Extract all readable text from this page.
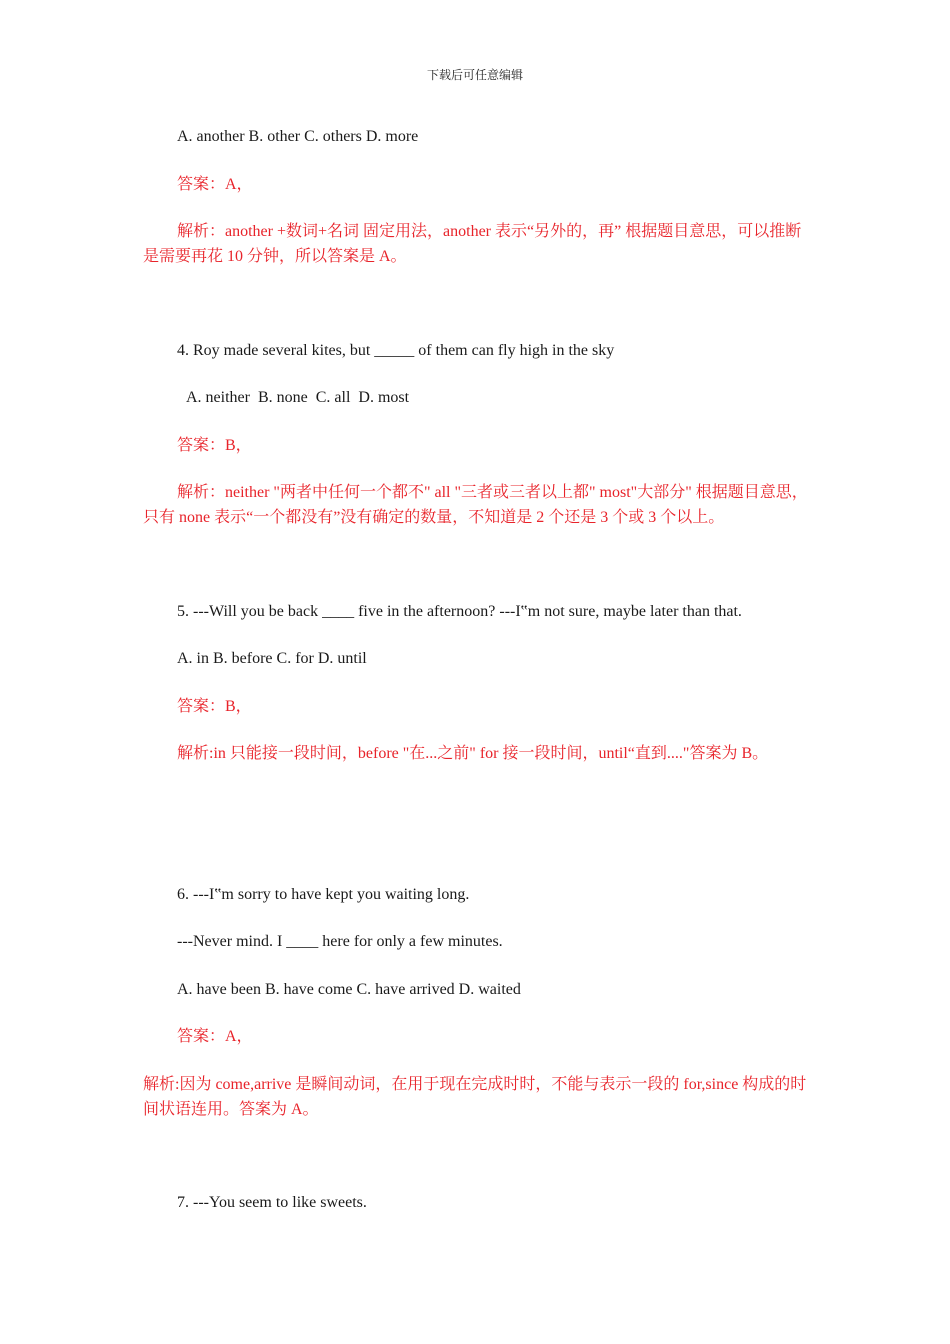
下载后可任意编辑
A. another B. other C. others D. more
答案：A，
解析：another +数词+名词 固定用法，another 表示“另外的，再” 根据题目意思，可以推断是需要再花 10 分钟，所以答案是 A。
4. Roy made several kites, but _____ of them can fly high in the sky
A. neither  B. none  C. all  D. most
答案：B，
解析：neither "两者中任何一个都不" all "三者或三者以上都" most"大部分" 根据题目意思，只有 none 表示“一个都没有”没有确定的数量，不知道是 2 个还是 3 个或 3 个以上。
5. ---Will you be back ____ five in the afternoon? ---I‟m not sure, maybe later than that.
A. in B. before C. for D. until
答案：B，
解析:in 只能接一段时间，before "在...之前" for 接一段时间，until“直到...."答案为 B。
6. ---I‟m sorry to have kept you waiting long.
---Never mind. I ____ here for only a few minutes.
A. have been B. have come C. have arrived D. waited
答案：A，
解析:因为 come,arrive 是瞬间动词，在用于现在完成时时，不能与表示一段的 for,since 构成的时间状语连用。答案为 A。
7. ---You seem to like sweets.
